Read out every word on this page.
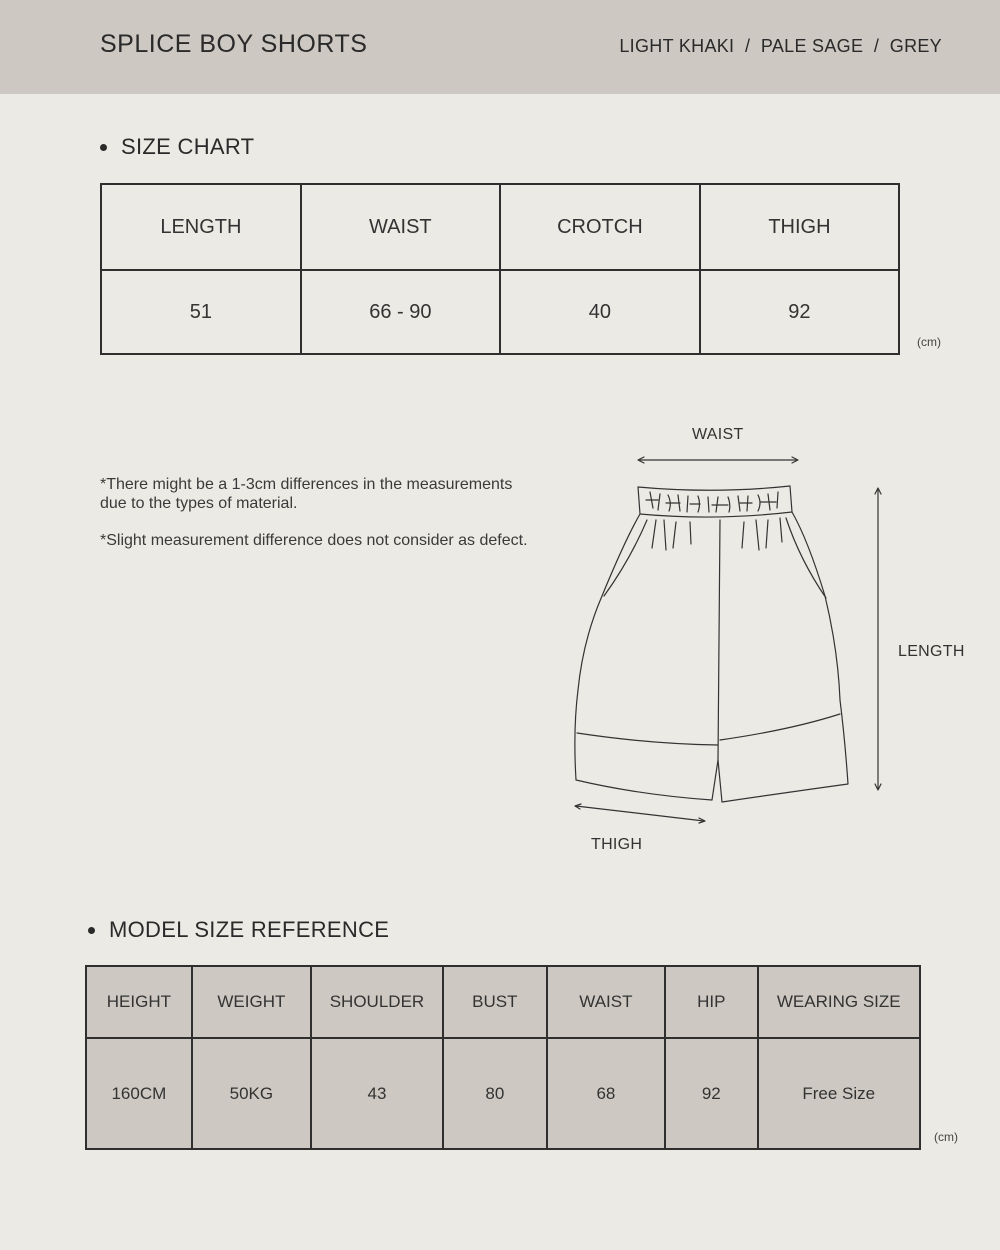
SPLICE BOY SHORTS	LIGHT KHAKI  /  PALE SAGE  /  GREY
SIZE CHART
LENGTH	WAIST	CROTCH	THIGH
51	66 - 90	40	92
(cm)
*There might be a 1-3cm differences in the measurements due to the types of material.
*Slight measurement difference does not consider as defect.
WAIST
LENGTH
THIGH
MODEL SIZE REFERENCE
HEIGHT	WEIGHT	SHOULDER	BUST	WAIST	HIP	WEARING SIZE
160CM	50KG	43	80	68	92	Free Size
(cm)
